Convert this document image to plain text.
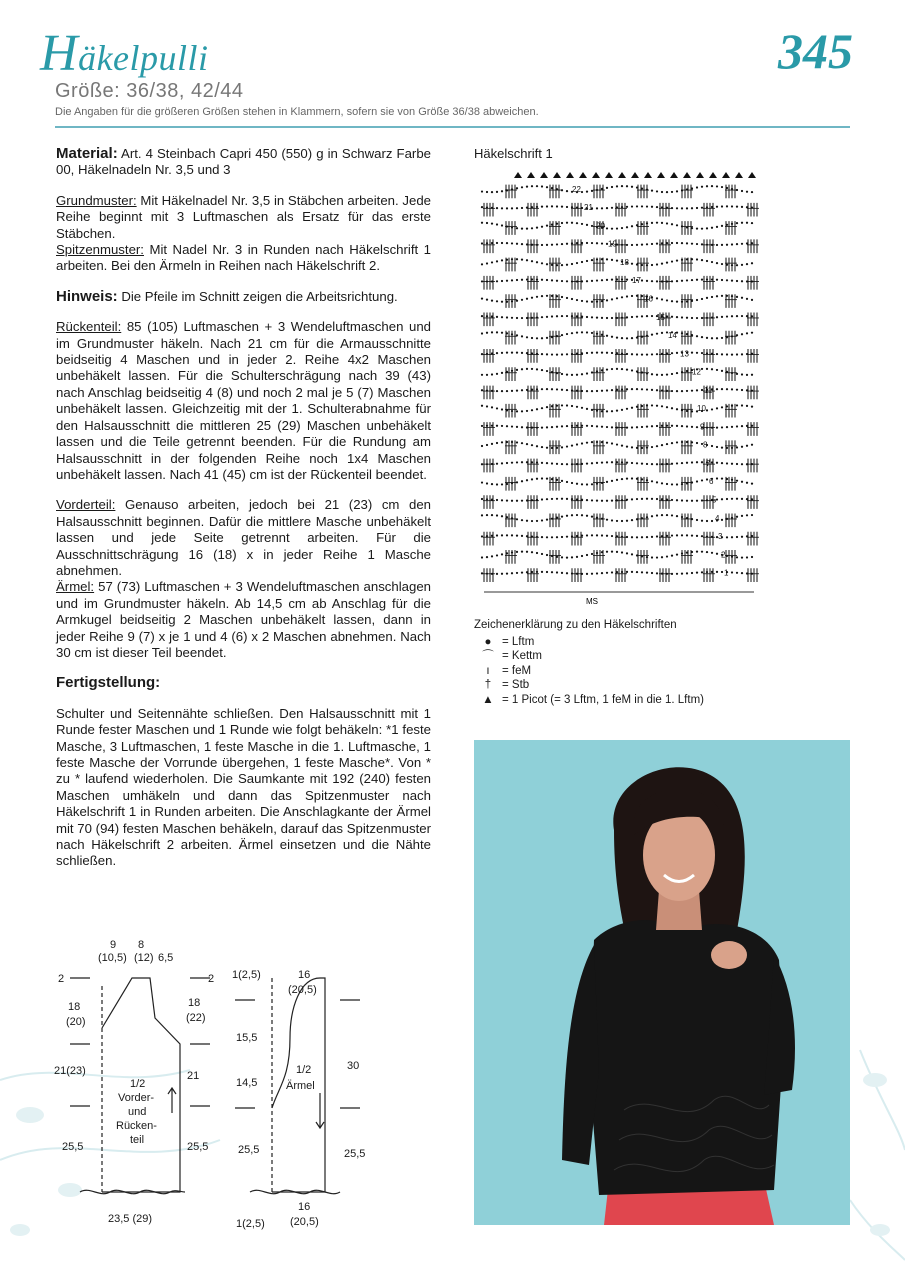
Häkelpulli	345
Größe: 36/38, 42/44
Die Angaben für die größeren Größen stehen in Klammern, sofern sie von Größe 36/38 abweichen.

Material: Art. 4 Steinbach Capri 450 (550) g in Schwarz Farbe 00, Häkelnadeln Nr. 3,5 und 3

Grundmuster: Mit Häkelnadel Nr. 3,5 in Stäbchen arbeiten. Jede Reihe beginnt mit 3 Luftmaschen als Ersatz für das erste Stäbchen.

Spitzenmuster: Mit Nadel Nr. 3 in Runden nach Häkelschrift 1 arbeiten. Bei den Ärmeln in Reihen nach Häkelschrift 2.

Hinweis: Die Pfeile im Schnitt zeigen die Arbeitsrichtung.

Rückenteil: 85 (105) Luftmaschen + 3 Wendeluftmaschen und im Grundmuster häkeln. Nach 21 cm für die Armausschnitte beidseitig 4 Maschen und in jeder 2. Reihe 4x2 Maschen unbehäkelt lassen. Für die Schulterschrägung nach 39 (43) nach Anschlag beidseitig 4 (8) und noch 2 mal je 5 (7) Maschen unbehäkelt lassen. Gleichzeitig mit der 1. Schulterabnahme für den Halsausschnitt die mittleren 25 (29) Maschen unbehäkelt lassen und die Teile getrennt beenden. Für die Rundung am Halsausschnitt in der folgenden Reihe noch 1x4 Maschen unbehäkelt lassen. Nach 41 (45) cm ist der Rückenteil beendet.

Vorderteil: Genauso arbeiten, jedoch bei 21 (23) cm den Halsausschnitt beginnen. Dafür die mittlere Masche unbehäkelt lassen und jede Seite getrennt arbeiten. Für die Ausschnittschrägung 16 (18) x in jeder Reihe 1 Masche abnehmen.

Ärmel: 57 (73) Luftmaschen + 3 Wendeluftmaschen anschlagen und im Grundmuster häkeln. Ab 14,5 cm ab Anschlag für die Armkugel beidseitig 2 Maschen unbehäkelt lassen, dann in jeder Reihe 9 (7) x je 1 und 4 (6) x 2 Maschen abnehmen. Nach 30 cm ist dieser Teil beendet.

Fertigstellung:

Schulter und Seitennähte schließen. Den Halsausschnitt mit 1 Runde fester Maschen und 1 Runde wie folgt behäkeln: *1 feste Masche, 3 Luftmaschen, 1 feste Masche in die 1. Luftmasche, 1 feste Masche der Vorrunde übergehen, 1 feste Masche*. Von * zu * laufend wiederholen. Die Saumkante mit 192 (240) festen Maschen umhäkeln und dann das Spitzenmuster nach Häkelschrift 1 in Runden arbeiten. Die Anschlagkante der Ärmel mit 70 (94) festen Maschen behäkeln, darauf das Spitzenmuster nach Häkelschrift 2 arbeiten. Ärmel einsetzen und die Nähte schließen.

Häkelschrift 1
1
2
3
4
5
6
7
8
9
10
11
12
13
14
15
16
17
18
19
20
21
22
MS
Zeichenerklärung zu den Häkelschriften
● = Lftm
⌒ = Kettm
ı	= feM
† = Stb
▲ = 1 Picot (= 3 Lftm, 1 feM in die 1. Lftm)
9
(10,5)
8
(12) 6,5
2	2
18
(20)
18
(22)
21(23)	21
1/2
Vorder-
und
Rücken-
teil
25,5	25,5
23,5 (29)
1(2,5)	16
(20,5)
15,5
14,5
1/2
Ärmel
30
25,5	25,5
16
(20,5)
1(2,5)
